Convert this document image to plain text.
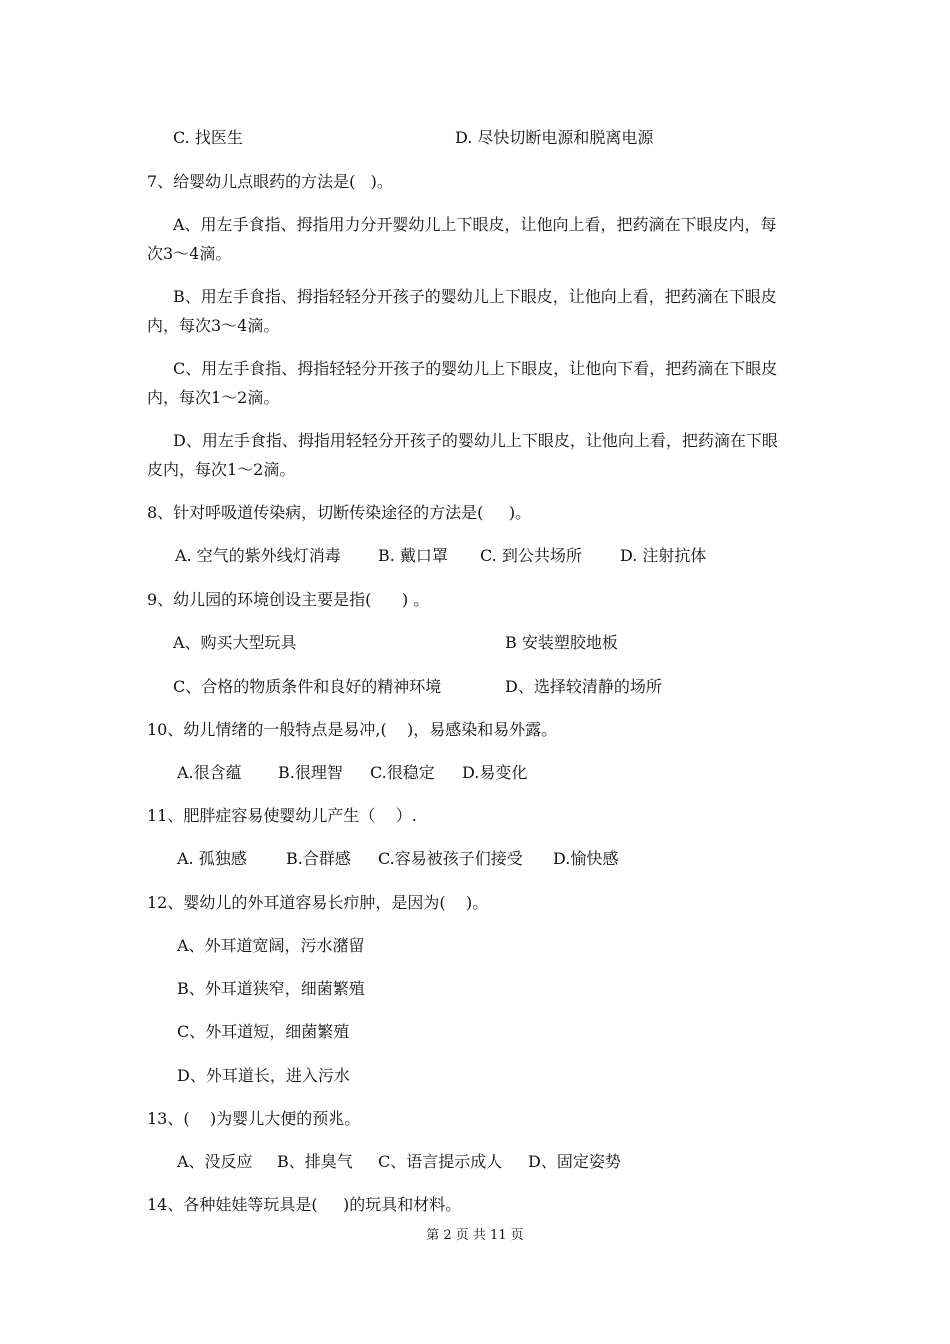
C. 找医生	D. 尽快切断电源和脱离电源
7、给婴幼儿点眼药的方法是(   )。
A、用左手食指、拇指用力分开婴幼儿上下眼皮，让他向上看，把药滴在下眼皮内，每
次3～4滴。
B、用左手食指、拇指轻轻分开孩子的婴幼儿上下眼皮，让他向上看，把药滴在下眼皮
内，每次3～4滴。
C、用左手食指、拇指轻轻分开孩子的婴幼儿上下眼皮，让他向下看，把药滴在下眼皮
内，每次1～2滴。
D、用左手食指、拇指用轻轻分开孩子的婴幼儿上下眼皮，让他向上看，把药滴在下眼
皮内，每次1～2滴。
8、针对呼吸道传染病，切断传染途径的方法是(     )。
A. 空气的紫外线灯消毒 B. 戴口罩 C. 到公共场所 D. 注射抗体
9、幼儿园的环境创设主要是指(      ) 。
A、购买大型玩具	B 安装塑胶地板
C、合格的物质条件和良好的精神环境	D、选择较清静的场所
10、幼儿情绪的一般特点是易冲,(    )，易感染和易外露。
A.很含蕴 B.很理智 C.很稳定 D.易变化
11、肥胖症容易使婴幼儿产生（    ）.
A. 孤独感 B.合群感 C.容易被孩子们接受 D.愉快感
12、婴幼儿的外耳道容易长疖肿，是因为(    )。
A、外耳道宽阔，污水潴留
B、外耳道狭窄，细菌繁殖
C、外耳道短，细菌繁殖
D、外耳道长，进入污水
13、(    )为婴儿大便的预兆。
A、没反应 B、排臭气 C、语言提示成人 D、固定姿势
14、各种娃娃等玩具是(     )的玩具和材料。
第 2 页 共 11 页
